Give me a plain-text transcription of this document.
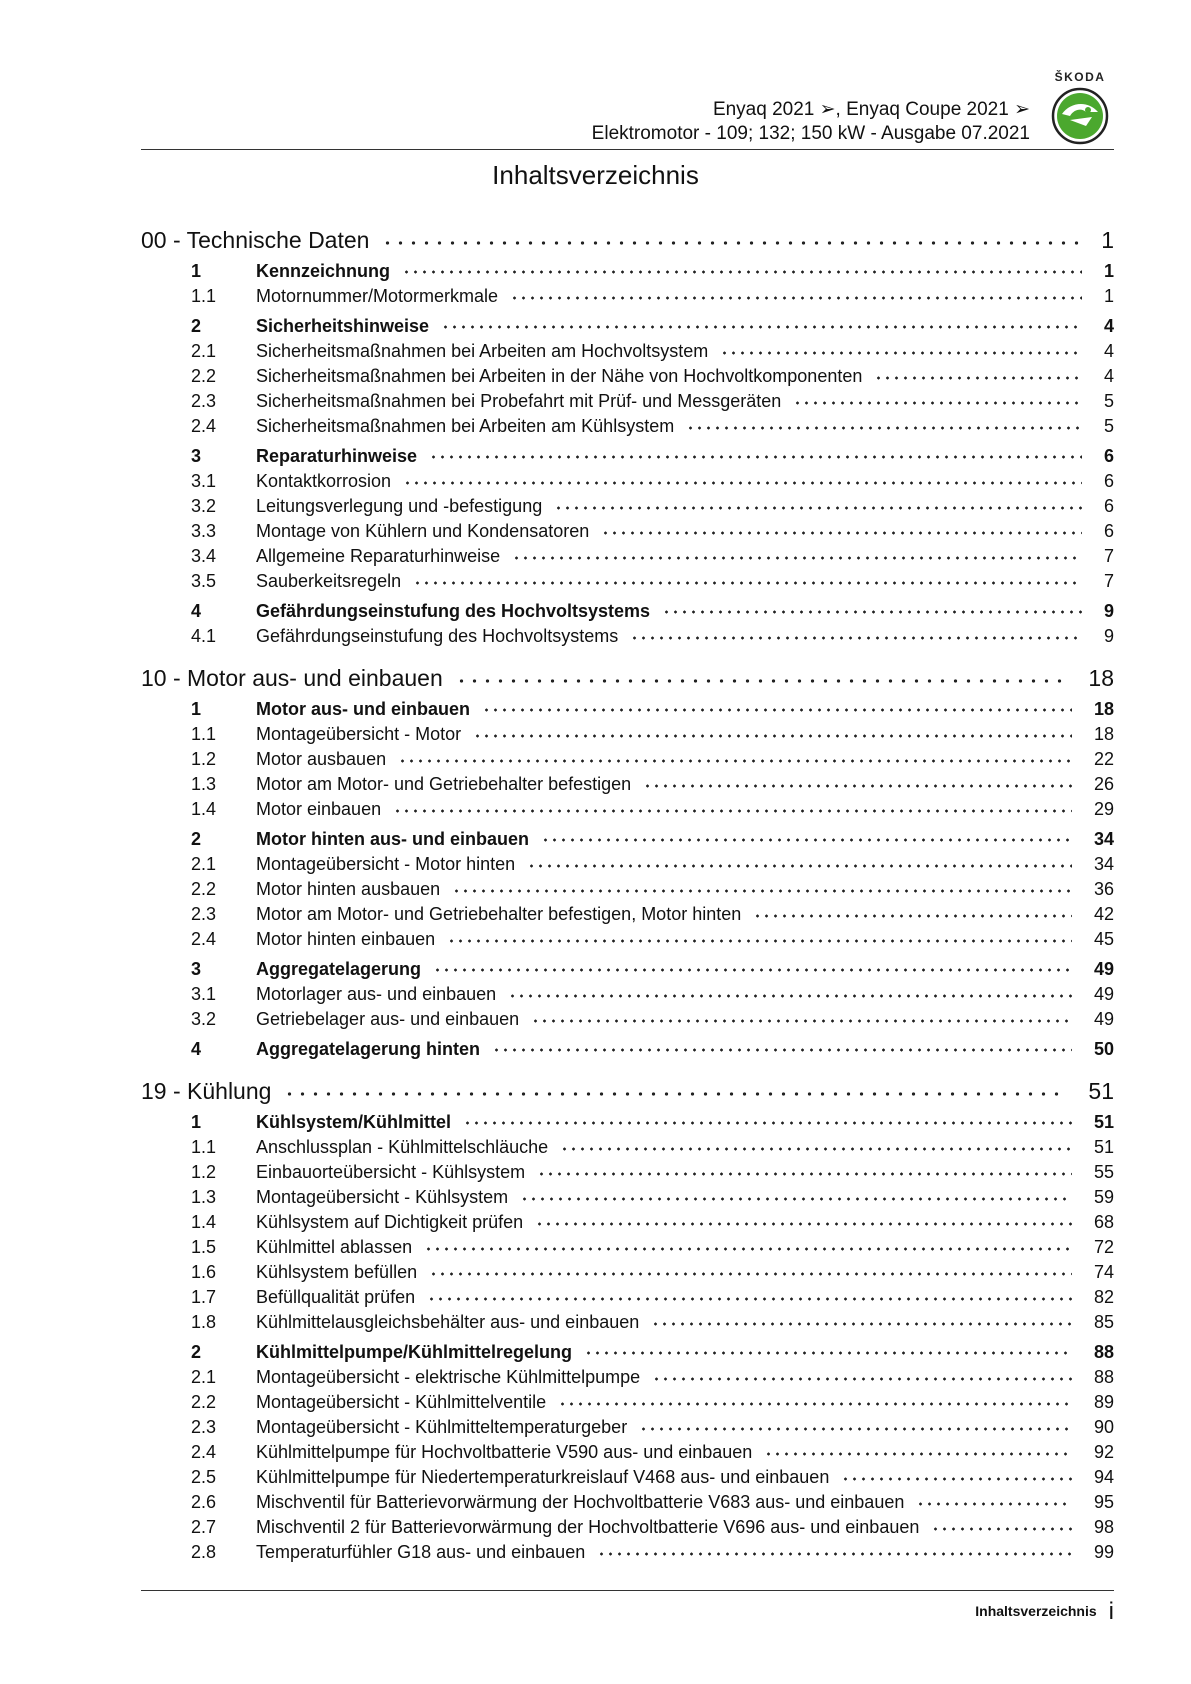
Enyaq 2021 ➢, Enyaq Coupe 2021 ➢
Elektromotor - 109; 132; 150 kW - Ausgabe 07.2021
ŠKODA
Inhaltsverzeichnis
00 - Technische Daten	1
1	Kennzeichnung	1
1.1 Motornummer/Motormerkmale	1
2	Sicherheitshinweise	4
2.1 Sicherheitsmaßnahmen bei Arbeiten am Hochvoltsystem	4
2.2 Sicherheitsmaßnahmen bei Arbeiten in der Nähe von Hochvoltkomponenten	4
2.3 Sicherheitsmaßnahmen bei Probefahrt mit Prüf- und Messgeräten	5
2.4 Sicherheitsmaßnahmen bei Arbeiten am Kühlsystem	5
3	Reparaturhinweise	6
3.1 Kontaktkorrosion	6
3.2 Leitungsverlegung und -befestigung	6
3.3 Montage von Kühlern und Kondensatoren	6
3.4 Allgemeine Reparaturhinweise	7
3.5 Sauberkeitsregeln	7
4	Gefährdungseinstufung des Hochvoltsystems	9
4.1 Gefährdungseinstufung des Hochvoltsystems	9
10 - Motor aus- und einbauen	18
1	Motor aus- und einbauen	18
1.1 Montageübersicht - Motor	18
1.2 Motor ausbauen	22
1.3 Motor am Motor- und Getriebehalter befestigen	26
1.4 Motor einbauen	29
2	Motor hinten aus- und einbauen	34
2.1 Montageübersicht - Motor hinten	34
2.2 Motor hinten ausbauen	36
2.3 Motor am Motor- und Getriebehalter befestigen, Motor hinten	42
2.4 Motor hinten einbauen	45
3	Aggregatelagerung	49
3.1 Motorlager aus- und einbauen	49
3.2 Getriebelager aus- und einbauen	49
4	Aggregatelagerung hinten	50
19 - Kühlung	51
1	Kühlsystem/Kühlmittel	51
1.1 Anschlussplan - Kühlmittelschläuche	51
1.2 Einbauorteübersicht - Kühlsystem	55
1.3 Montageübersicht - Kühlsystem	59
1.4 Kühlsystem auf Dichtigkeit prüfen	68
1.5 Kühlmittel ablassen	72
1.6 Kühlsystem befüllen	74
1.7 Befüllqualität prüfen	82
1.8 Kühlmittelausgleichsbehälter aus- und einbauen	85
2	Kühlmittelpumpe/Kühlmittelregelung	88
2.1 Montageübersicht - elektrische Kühlmittelpumpe	88
2.2 Montageübersicht - Kühlmittelventile	89
2.3 Montageübersicht - Kühlmitteltemperaturgeber	90
2.4 Kühlmittelpumpe für Hochvoltbatterie V590 aus- und einbauen	92
2.5 Kühlmittelpumpe für Niedertemperaturkreislauf V468 aus- und einbauen	94
2.6 Mischventil für Batterievorwärmung der Hochvoltbatterie V683 aus- und einbauen	95
2.7 Mischventil 2 für Batterievorwärmung der Hochvoltbatterie V696 aus- und einbauen	98
2.8 Temperaturfühler G18 aus- und einbauen	99
Inhaltsverzeichnis i
